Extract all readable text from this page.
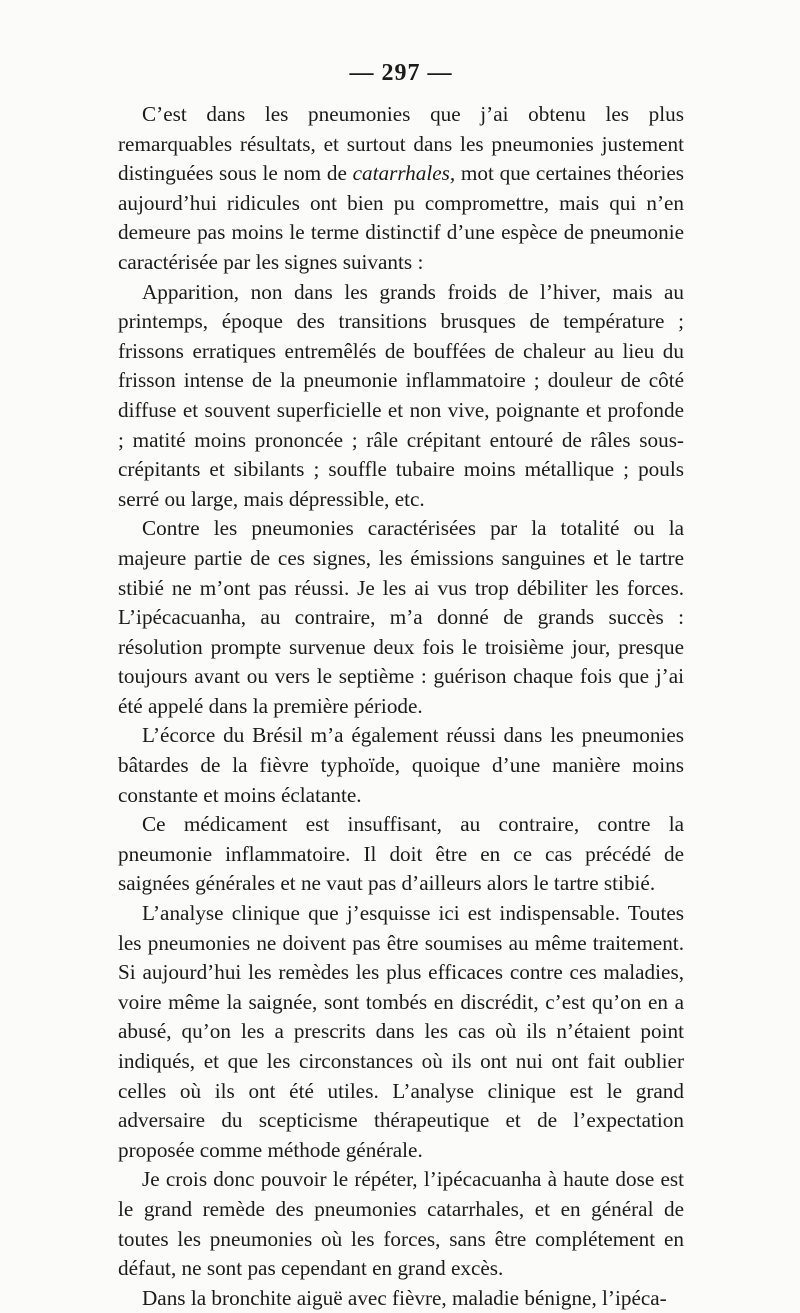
— 297 —

C’est dans les pneumonies que j’ai obtenu les plus remarquables résultats, et surtout dans les pneumonies justement distinguées sous le nom de catarrhales, mot que certaines théories aujourd’hui ridicules ont bien pu compromettre, mais qui n’en demeure pas moins le terme distinctif d’une espèce de pneumonie caractérisée par les signes suivants :

Apparition, non dans les grands froids de l’hiver, mais au printemps, époque des transitions brusques de température ; frissons erratiques entremêlés de bouffées de chaleur au lieu du frisson intense de la pneumonie inflammatoire ; douleur de côté diffuse et souvent superficielle et non vive, poignante et profonde ; matité moins prononcée ; râle crépitant entouré de râles sous-crépitants et sibilants ; souffle tubaire moins métallique ; pouls serré ou large, mais dépressible, etc.

Contre les pneumonies caractérisées par la totalité ou la majeure partie de ces signes, les émissions sanguines et le tartre stibié ne m’ont pas réussi. Je les ai vus trop débiliter les forces. L’ipécacuanha, au contraire, m’a donné de grands succès : résolution prompte survenue deux fois le troisième jour, presque toujours avant ou vers le septième : guérison chaque fois que j’ai été appelé dans la première période.

L’écorce du Brésil m’a également réussi dans les pneumonies bâtardes de la fièvre typhoïde, quoique d’une manière moins constante et moins éclatante.

Ce médicament est insuffisant, au contraire, contre la pneumonie inflammatoire. Il doit être en ce cas précédé de saignées générales et ne vaut pas d’ailleurs alors le tartre stibié.

L’analyse clinique que j’esquisse ici est indispensable. Toutes les pneumonies ne doivent pas être soumises au même traitement. Si aujourd’hui les remèdes les plus efficaces contre ces maladies, voire même la saignée, sont tombés en discrédit, c’est qu’on en a abusé, qu’on les a prescrits dans les cas où ils n’étaient point indiqués, et que les circonstances où ils ont nui ont fait oublier celles où ils ont été utiles. L’analyse clinique est le grand adversaire du scepticisme thérapeutique et de l’expectation proposée comme méthode générale.

Je crois donc pouvoir le répéter, l’ipécacuanha à haute dose est le grand remède des pneumonies catarrhales, et en général de toutes les pneumonies où les forces, sans être complétement en défaut, ne sont pas cependant en grand excès.

Dans la bronchite aiguë avec fièvre, maladie bénigne, l’ipéca-
